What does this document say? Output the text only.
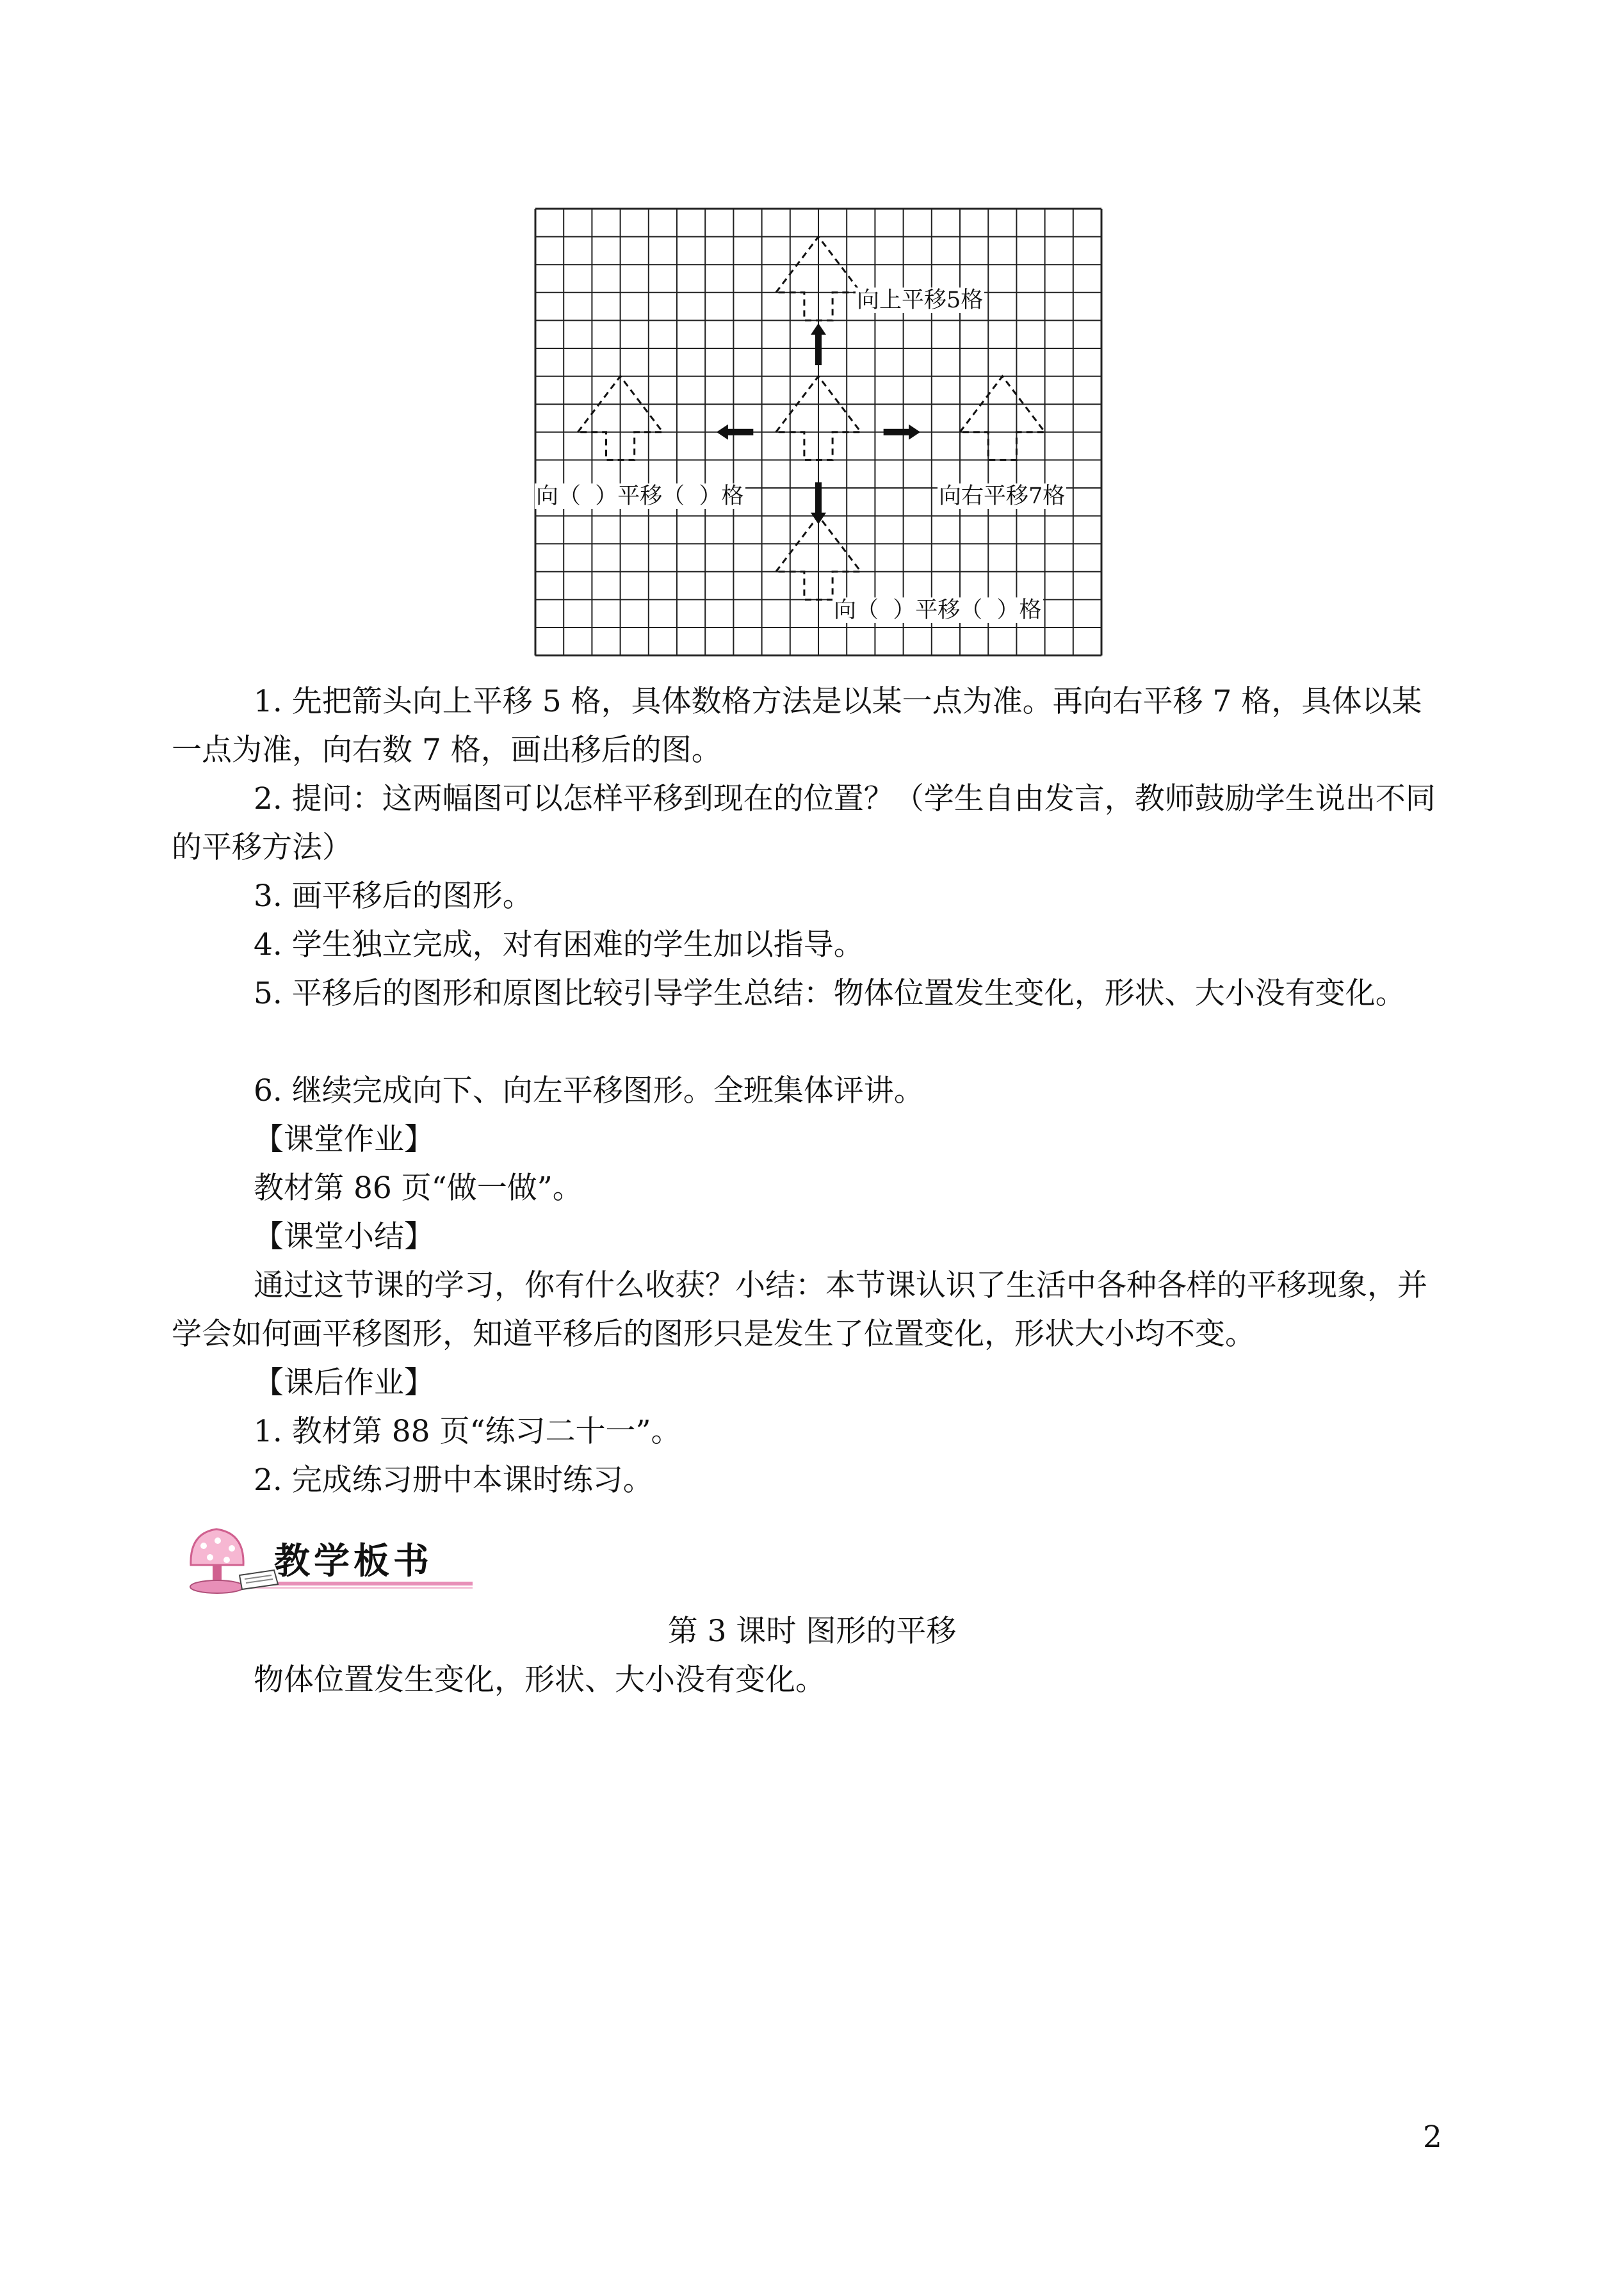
向上平移5格
向右平移7格
向（  ）平移（  ）格
向（  ）平移（  ）格

1. 先把箭头向上平移 5 格，具体数格方法是以某一点为准。再向右平移 7 格，具体以某一点为准，向右数 7 格，画出移后的图。

2. 提问：这两幅图可以怎样平移到现在的位置？（学生自由发言，教师鼓励学生说出不同的平移方法）

3. 画平移后的图形。

4. 学生独立完成，对有困难的学生加以指导。

5. 平移后的图形和原图比较引导学生总结：物体位置发生变化，形状、大小没有变化。

6. 继续完成向下、向左平移图形。全班集体评讲。

【课堂作业】

教材第 86 页“做一做”。

【课堂小结】

通过这节课的学习，你有什么收获？小结：本节课认识了生活中各种各样的平移现象，并学会如何画平移图形，知道平移后的图形只是发生了位置变化，形状大小均不变。

【课后作业】

1. 教材第 88 页“练习二十一”。

2. 完成练习册中本课时练习。

教学板书

第 3 课时 图形的平移

物体位置发生变化，形状、大小没有变化。

2
